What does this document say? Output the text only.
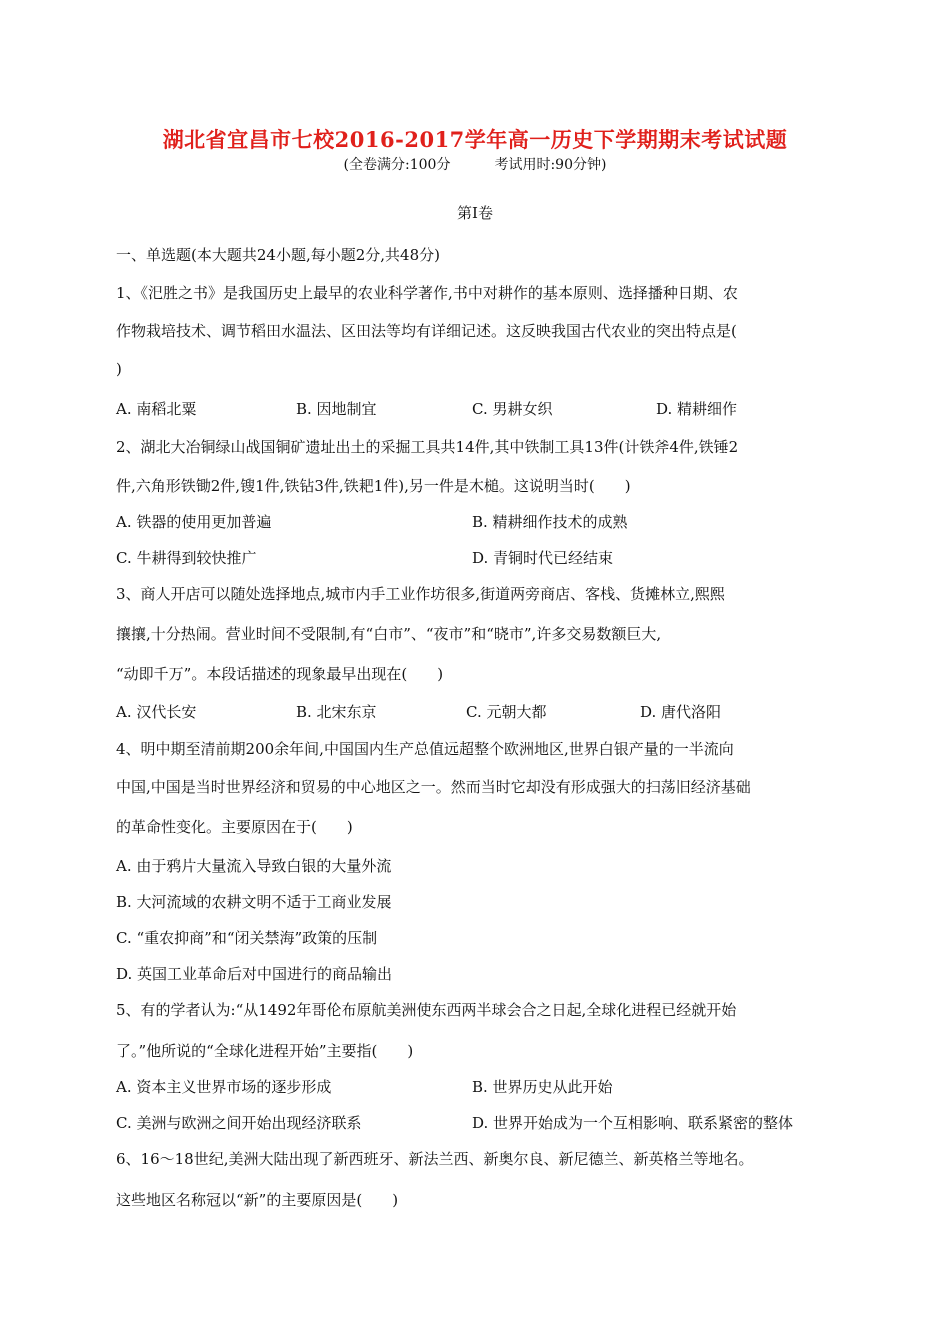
湖北省宜昌市七校2016-2017学年高一历史下学期期末考试试题
(全卷满分:100分	考试用时:90分钟)
第Ⅰ卷
一、单选题(本大题共24小题,每小题2分,共48分)
1、《汜胜之书》是我国历史上最早的农业科学著作,书中对耕作的基本原则、选择播种日期、农
作物栽培技术、调节稻田水温法、区田法等均有详细记述。这反映我国古代农业的突出特点是(
)
A. 南稻北粟	B. 因地制宜	C. 男耕女织	D. 精耕细作
2、湖北大冶铜绿山战国铜矿遗址出土的采掘工具共14件,其中铁制工具13件(计铁斧4件,铁锤2
件,六角形铁锄2件,锼1件,铁钻3件,铁耙1件),另一件是木槌。这说明当时(　　)
A. 铁器的使用更加普遍	B. 精耕细作技术的成熟
C. 牛耕得到较快推广	D. 青铜时代已经结束
3、商人开店可以随处选择地点,城市内手工业作坊很多,街道两旁商店、客栈、货摊林立,熙熙
攘攘,十分热闹。营业时间不受限制,有“白市”、“夜市”和“晓市”,许多交易数额巨大,
“动即千万”。本段话描述的现象最早出现在(　　)
A. 汉代长安	B. 北宋东京	C. 元朝大都	D. 唐代洛阳
4、明中期至清前期200余年间,中国国内生产总值远超整个欧洲地区,世界白银产量的一半流向
中国,中国是当时世界经济和贸易的中心地区之一。然而当时它却没有形成强大的扫荡旧经济基础
的革命性变化。主要原因在于(　　)
A. 由于鸦片大量流入导致白银的大量外流
B. 大河流域的农耕文明不适于工商业发展
C. “重农抑商”和“闭关禁海”政策的压制
D. 英国工业革命后对中国进行的商品输出
5、有的学者认为:“从1492年哥伦布原航美洲使东西两半球会合之日起,全球化进程已经就开始
了。”他所说的“全球化进程开始”主要指(　　)
A. 资本主义世界市场的逐步形成	B. 世界历史从此开始
C. 美洲与欧洲之间开始出现经济联系	D. 世界开始成为一个互相影响、联系紧密的整体
6、16～18世纪,美洲大陆出现了新西班牙、新法兰西、新奥尔良、新尼德兰、新英格兰等地名。
这些地区名称冠以“新”的主要原因是(　　)
